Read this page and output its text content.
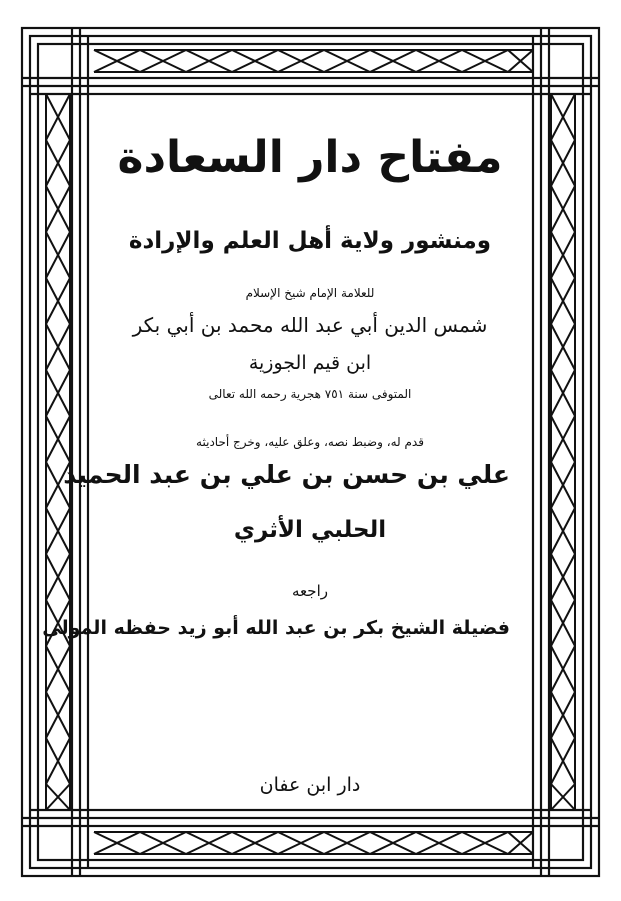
مفتاح دار السعادة
ومنشور ولاية أهل العلم والإرادة
للعلامة الإمام شيخ الإسلام
شمس الدين أبي عبد الله محمد بن أبي بكر
ابن قيم الجوزية
المتوفى سنة ٧٥١ هجرية رحمه الله تعالى
قدم له، وضبط نصه، وعلق عليه، وخرج أحاديثه
علي بن حسن بن علي بن عبد الحميد
الحلبي الأثري
راجعه
فضيلة الشيخ بكر بن عبد الله أبو زيد حفظه المولى
دار ابن عفان
